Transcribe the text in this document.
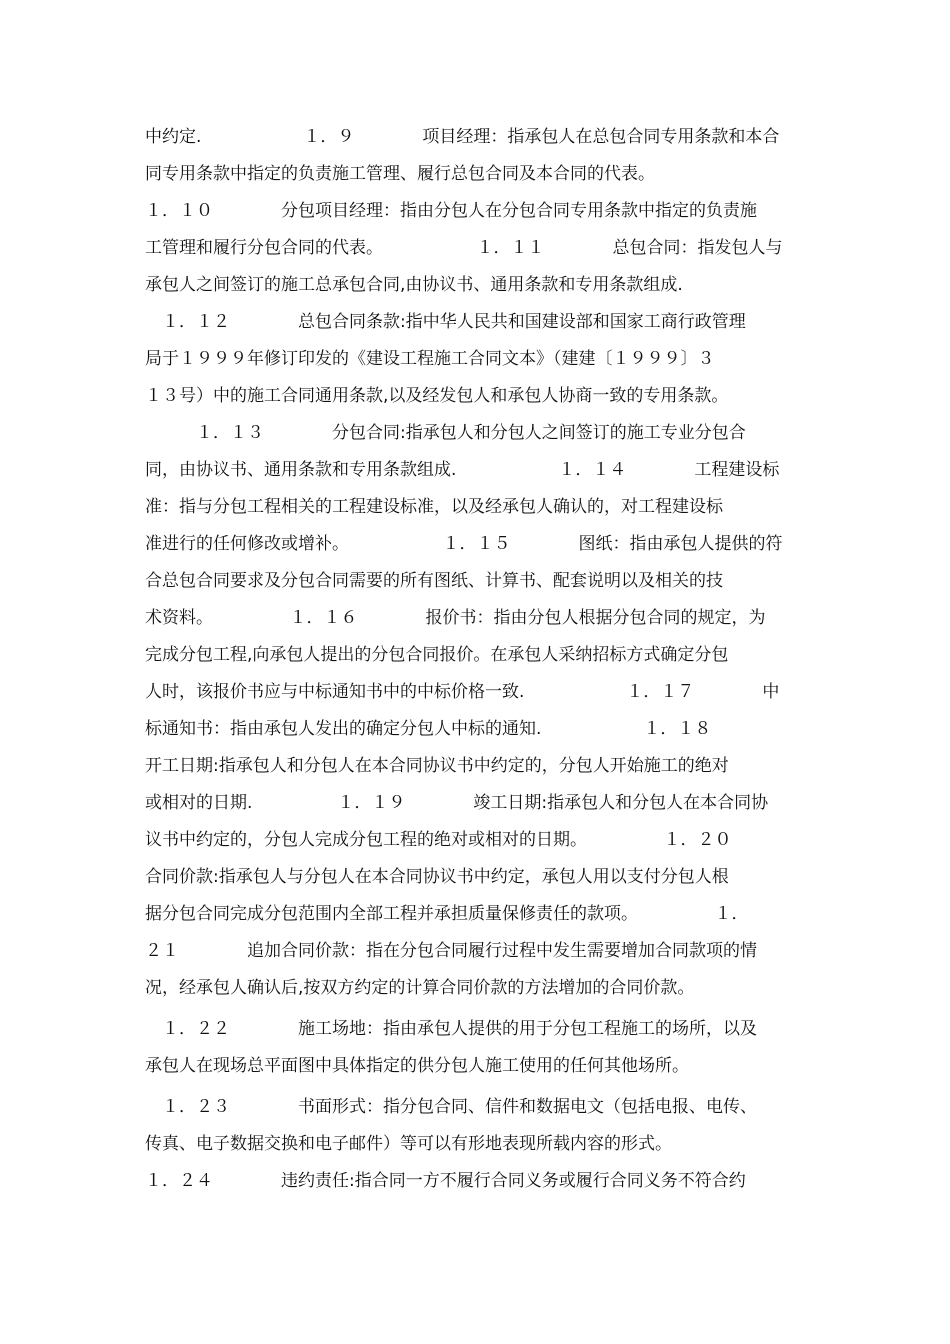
中约定.　　　　　　１．９　　　　项目经理：指承包人在总包合同专用条款和本合
同专用条款中指定的负责施工管理、履行总包合同及本合同的代表。
１．１０　　　　分包项目经理：指由分包人在分包合同专用条款中指定的负责施
工管理和履行分包合同的代表。　　　　　　１．１１　　　　总包合同：指发包人与
承包人之间签订的施工总承包合同,由协议书、通用条款和专用条款组成.
　１．１２　　　　总包合同条款:指中华人民共和国建设部和国家工商行政管理
局于１９９９年修订印发的《建设工程施工合同文本》（建建〔１９９９〕３
１３号）中的施工合同通用条款,以及经发包人和承包人协商一致的专用条款。
　　　１．１３　　　　分包合同:指承包人和分包人之间签订的施工专业分包合
同，由协议书、通用条款和专用条款组成.　　　　　　１．１４　　　　工程建设标
准：指与分包工程相关的工程建设标准，以及经承包人确认的，对工程建设标
准进行的任何修改或增补。　　　　　　１．１５　　　　图纸：指由承包人提供的符
合总包合同要求及分包合同需要的所有图纸、计算书、配套说明以及相关的技
术资料。　　　　　１．１６　　　　报价书：指由分包人根据分包合同的规定，为
完成分包工程,向承包人提出的分包合同报价。在承包人采纳招标方式确定分包
人时，该报价书应与中标通知书中的中标价格一致.　　　　　　１．１７　　　　中
标通知书：指由承包人发出的确定分包人中标的通知.　　　　　　１．１８
开工日期:指承包人和分包人在本合同协议书中约定的，分包人开始施工的绝对
或相对的日期.　　　　　１．１９　　　　竣工日期:指承包人和分包人在本合同协
议书中约定的，分包人完成分包工程的绝对或相对的日期。　　　　　１．２０
合同价款:指承包人与分包人在本合同协议书中约定，承包人用以支付分包人根
据分包合同完成分包范围内全部工程并承担质量保修责任的款项。　　　　　１．
２１　　　　追加合同价款：指在分包合同履行过程中发生需要增加合同款项的情
况，经承包人确认后,按双方约定的计算合同价款的方法增加的合同价款。
　１．２２　　　　施工场地：指由承包人提供的用于分包工程施工的场所，以及
承包人在现场总平面图中具体指定的供分包人施工使用的任何其他场所。
　１．２３　　　　书面形式：指分包合同、信件和数据电文（包括电报、电传、
传真、电子数据交换和电子邮件）等可以有形地表现所载内容的形式。
１．２４　　　　违约责任:指合同一方不履行合同义务或履行合同义务不符合约
